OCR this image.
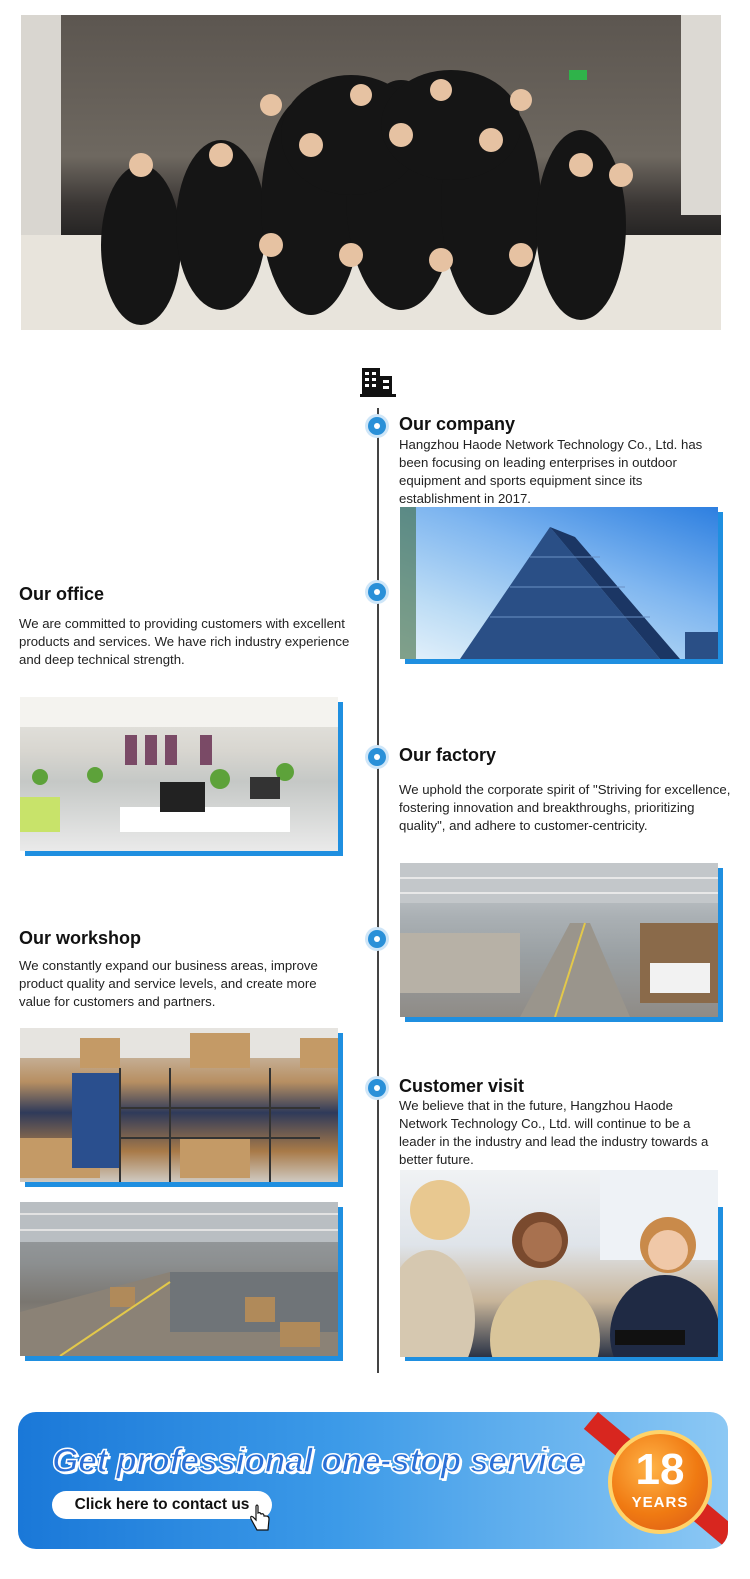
Our company
Hangzhou Haode Network Technology Co., Ltd. has been focusing on leading enterprises in outdoor equipment and sports equipment since its establishment in 2017.
Our office
We are committed to providing customers with excellent products and services. We have rich industry experience and deep technical strength.
Our factory
We uphold the corporate spirit of "Striving for excellence, fostering innovation and breakthroughs, prioritizing quality", and adhere to customer-centricity.
Our workshop
We constantly expand our business areas, improve product quality and service levels, and create more value for customers and partners.
Customer visit
We believe that in the future, Hangzhou Haode Network Technology Co., Ltd. will continue to be a leader in the industry and lead the industry towards a better future.
Get professional one-stop service
Click here to contact us
18
YEARS
